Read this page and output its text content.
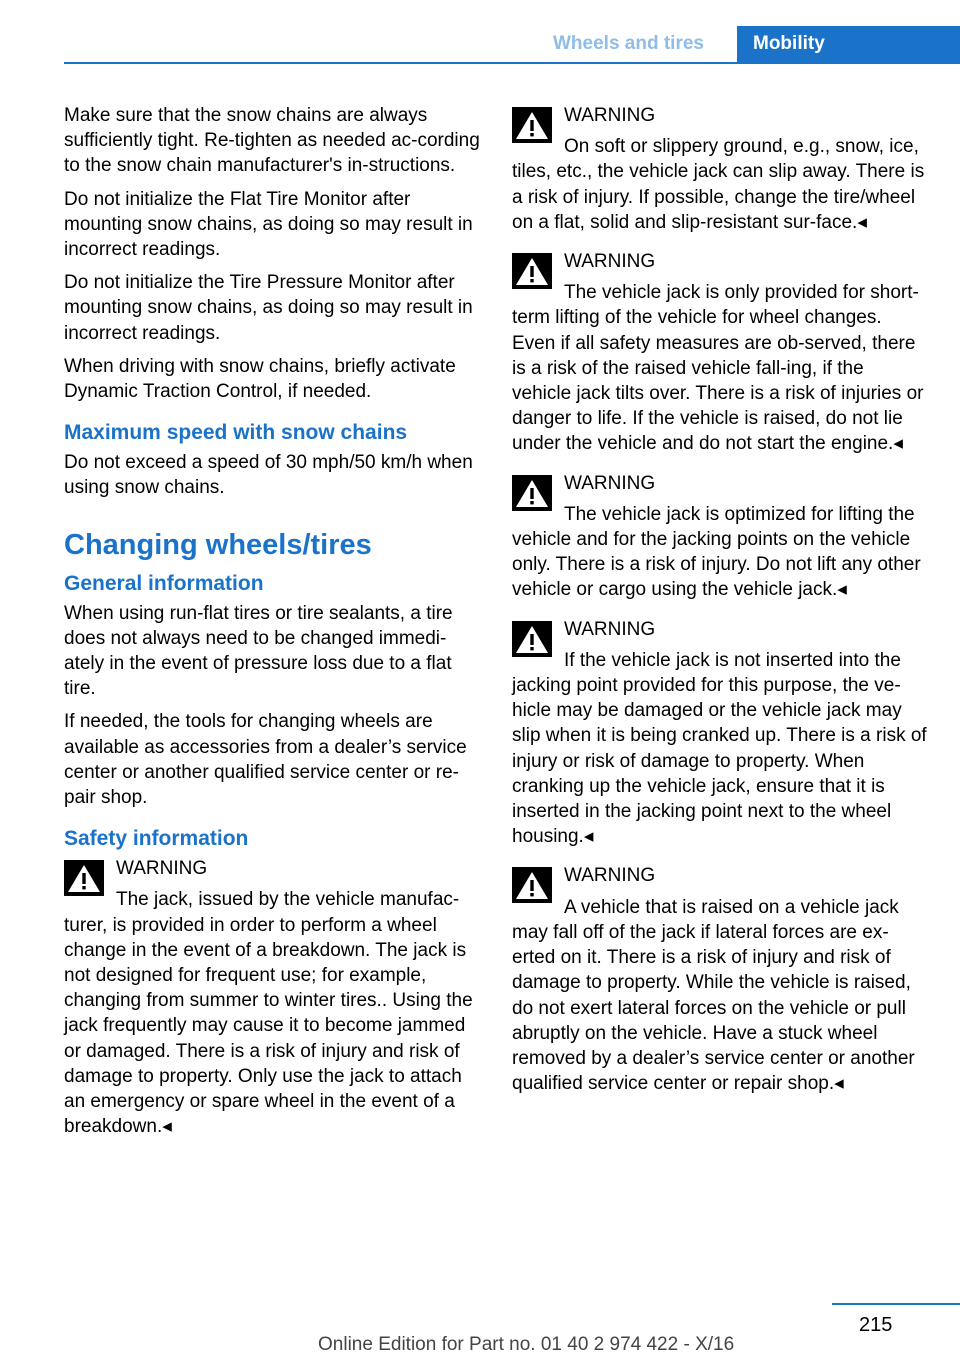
Wheels and tires	Mobility

Make sure that the snow chains are always sufficiently tight. Re-tighten as needed ac‐cording to the snow chain manufacturer's in‐structions.

Do not initialize the Flat Tire Monitor after mounting snow chains, as doing so may result in incorrect readings.

Do not initialize the Tire Pressure Monitor after mounting snow chains, as doing so may result in incorrect readings.

When driving with snow chains, briefly activate Dynamic Traction Control, if needed.

Maximum speed with snow chains

Do not exceed a speed of 30 mph/50 km/h when using snow chains.

Changing wheels/tires
General information

When using run-flat tires or tire sealants, a tire does not always need to be changed immedi‐ately in the event of pressure loss due to a flat tire.

If needed, the tools for changing wheels are available as accessories from a dealer’s service center or another qualified service center or re‐pair shop.

Safety information
WARNING
The jack, issued by the vehicle manufac‐turer, is provided in order to perform a wheel change in the event of a breakdown. The jack is not designed for frequent use; for example, changing from summer to winter tires.. Using the jack frequently may cause it to become jammed or damaged. There is a risk of injury and risk of damage to property. Only use the jack to attach an emergency or spare wheel in the event of a breakdown.◂
WARNING
On soft or slippery ground, e.g., snow, ice, tiles, etc., the vehicle jack can slip away. There is a risk of injury. If possible, change the tire/wheel on a flat, solid and slip-resistant sur‐face.◂
WARNING
The vehicle jack is only provided for short-term lifting of the vehicle for wheel changes. Even if all safety measures are ob‐served, there is a risk of the raised vehicle fall‐ing, if the vehicle jack tilts over. There is a risk of injuries or danger to life. If the vehicle is raised, do not lie under the vehicle and do not start the engine.◂
WARNING
The vehicle jack is optimized for lifting the vehicle and for the jacking points on the vehicle only. There is a risk of injury. Do not lift any other vehicle or cargo using the vehicle jack.◂
WARNING
If the vehicle jack is not inserted into the jacking point provided for this purpose, the ve‐hicle may be damaged or the vehicle jack may slip when it is being cranked up. There is a risk of injury or risk of damage to property. When cranking up the vehicle jack, ensure that it is inserted in the jacking point next to the wheel housing.◂
WARNING
A vehicle that is raised on a vehicle jack may fall off of the jack if lateral forces are ex‐erted on it. There is a risk of injury and risk of damage to property. While the vehicle is raised, do not exert lateral forces on the vehicle or pull abruptly on the vehicle. Have a stuck wheel removed by a dealer’s service center or another qualified service center or repair shop.◂
215
Online Edition for Part no. 01 40 2 974 422 - X/16
